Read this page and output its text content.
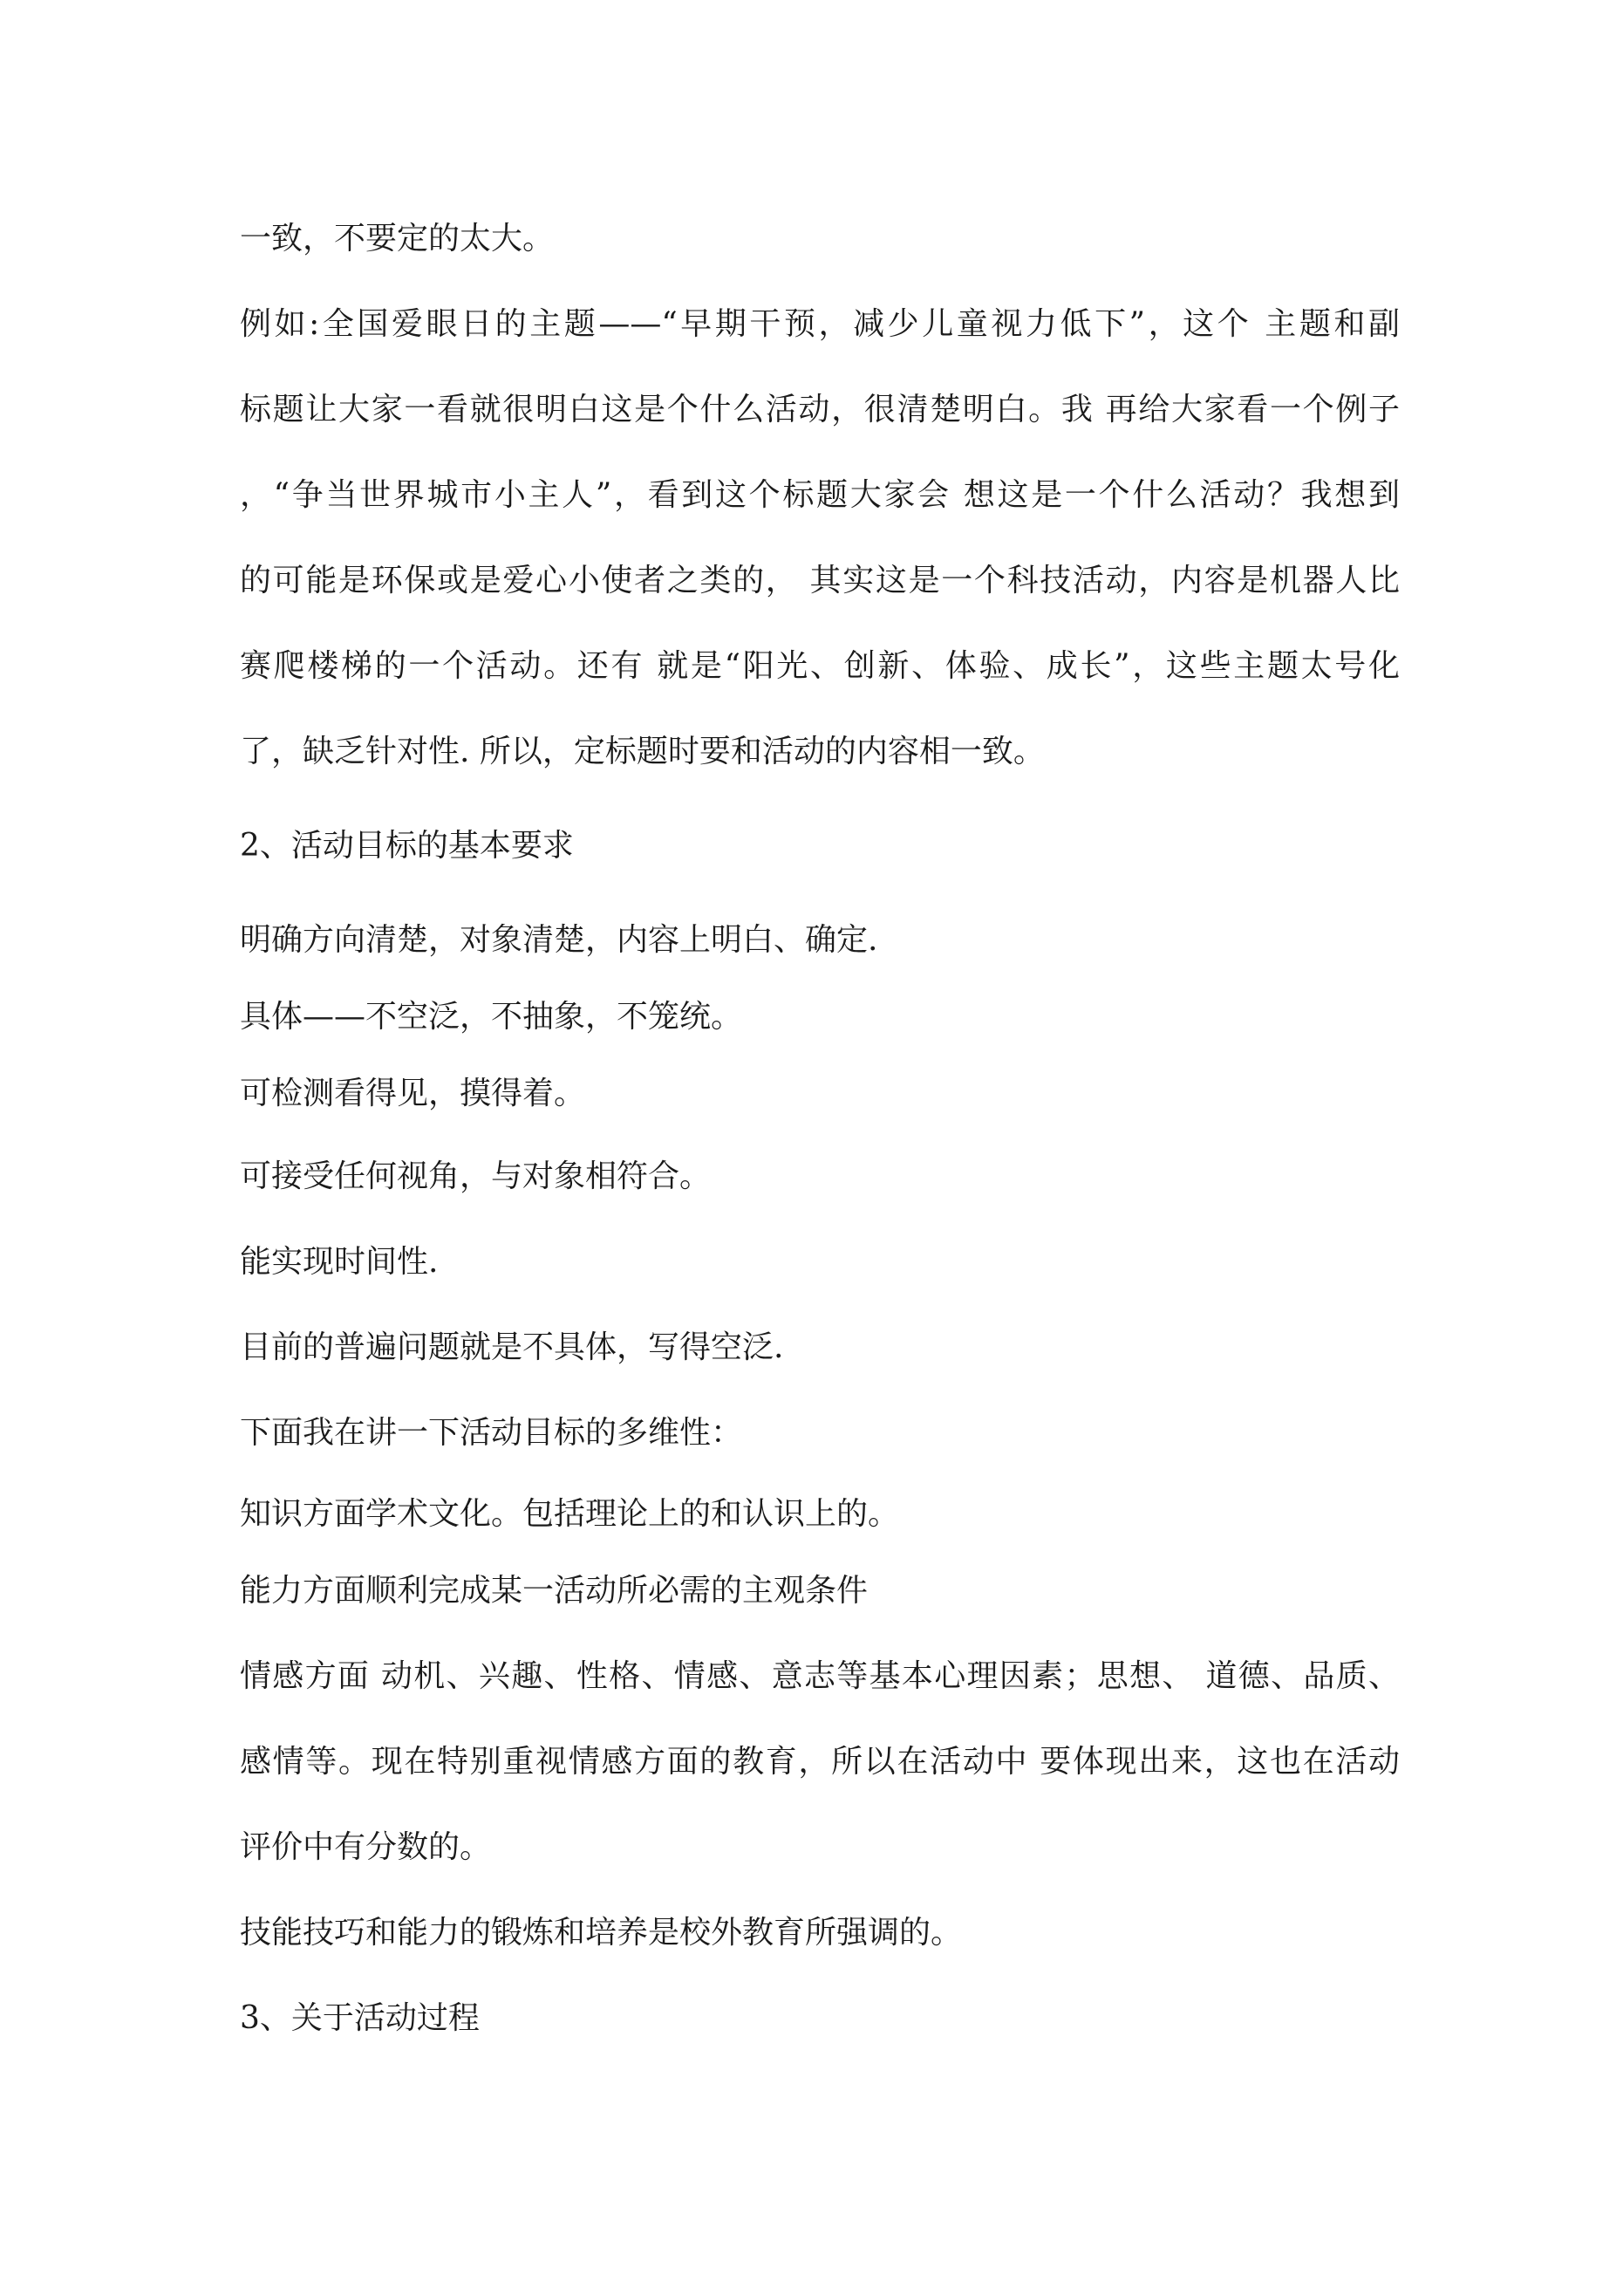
一致，不要定的太大。

例如:全国爱眼日的主题——“早期干预，减少儿童视力低下”，这个 主题和副

标题让大家一看就很明白这是个什么活动，很清楚明白。我 再给大家看一个例子

，“争当世界城市小主人”，看到这个标题大家会 想这是一个什么活动？我想到

的可能是环保或是爱心小使者之类的， 其实这是一个科技活动，内容是机器人比

赛爬楼梯的一个活动。还有 就是“阳光、创新、体验、成长”，这些主题太号化

了，缺乏针对性. 所以，定标题时要和活动的内容相一致。

2、活动目标的基本要求

明确方向清楚，对象清楚，内容上明白、确定.

具体——不空泛，不抽象，不笼统。

可检测看得见，摸得着。

可接受任何视角，与对象相符合。

能实现时间性.

目前的普遍问题就是不具体，写得空泛.

下面我在讲一下活动目标的多维性：

知识方面学术文化。包括理论上的和认识上的。

能力方面顺利完成某一活动所必需的主观条件

情感方面 动机、兴趣、性格、情感、意志等基本心理因素；思想、 道德、品质、

感情等。现在特别重视情感方面的教育，所以在活动中 要体现出来，这也在活动

评价中有分数的。

技能技巧和能力的锻炼和培养是校外教育所强调的。

3、关于活动过程
